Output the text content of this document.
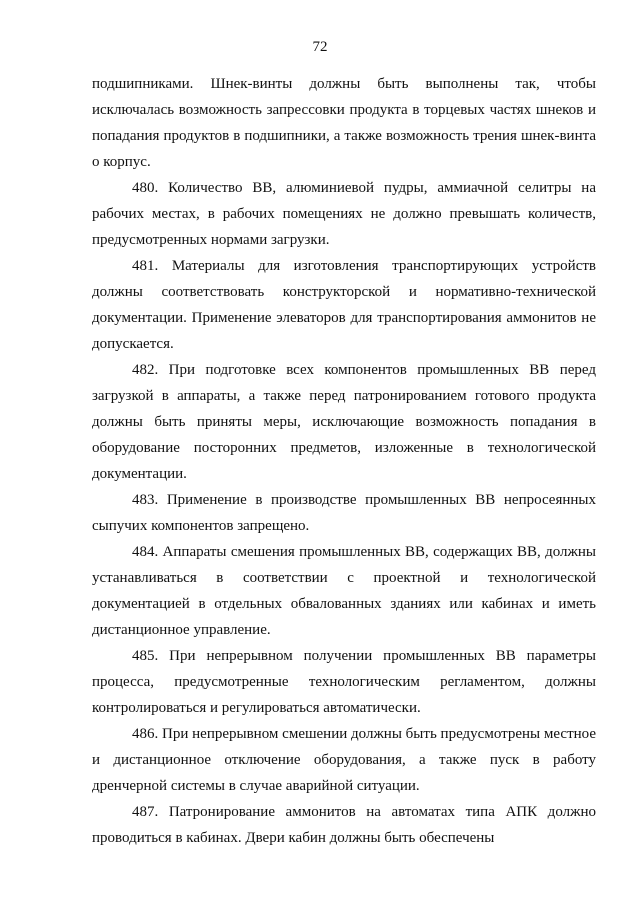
72

подшипниками. Шнек-винты должны быть выполнены так, чтобы исключалась возможность запрессовки продукта в торцевых частях шнеков и попадания продуктов в подшипники, а также возможность трения шнек-винта о корпус.

480. Количество ВВ, алюминиевой пудры, аммиачной селитры на рабочих местах, в рабочих помещениях не должно превышать количеств, предусмотренных нормами загрузки.

481. Материалы для изготовления транспортирующих устройств должны соответствовать конструкторской и нормативно-технической документации. Применение элеваторов для транспортирования аммонитов не допускается.

482. При подготовке всех компонентов промышленных ВВ перед загрузкой в аппараты, а также перед патронированием готового продукта должны быть приняты меры, исключающие возможность попадания в оборудование посторонних предметов, изложенные в технологической документации.

483. Применение в производстве промышленных ВВ непросеянных сыпучих компонентов запрещено.

484. Аппараты смешения промышленных ВВ, содержащих ВВ, должны устанавливаться в соответствии с проектной и технологической документацией в отдельных обвалованных зданиях или кабинах и иметь дистанционное управление.

485. При непрерывном получении промышленных ВВ параметры процесса, предусмотренные технологическим регламентом, должны контролироваться и регулироваться автоматически.

486. При непрерывном смешении должны быть предусмотрены местное и дистанционное отключение оборудования, а также пуск в работу дренчерной системы в случае аварийной ситуации.

487. Патронирование аммонитов на автоматах типа АПК должно проводиться в кабинах. Двери кабин должны быть обеспечены
